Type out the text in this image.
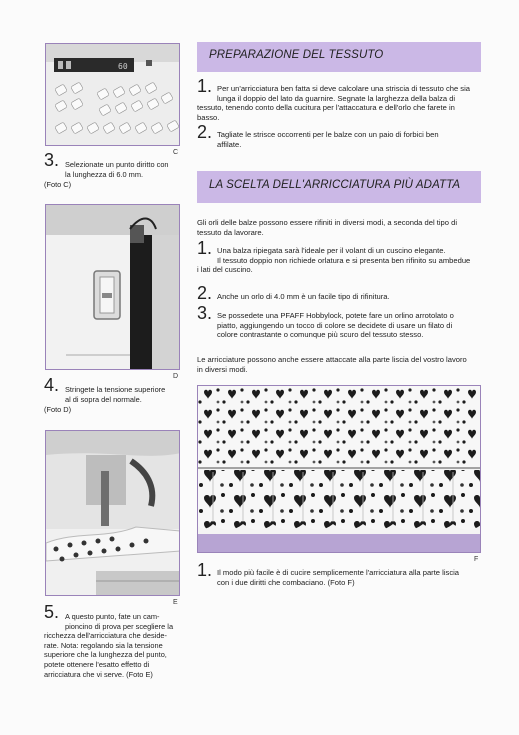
60
C
3. Selezionate un punto diritto con
la lunghezza di 6.0 mm.
(Foto C)
D
4. Stringete la tensione superiore
al di sopra del normale.
(Foto D)
E
5. A questo punto, fate un cam-
pioncino di prova per scegliere la
ricchezza dell'arricciatura che deside-
rate. Nota: regolando sia la tensione
superiore che la lunghezza del punto,
potete ottenere l'esatto effetto di
arricciatura che vi serve. (Foto E)
PREPARAZIONE DEL TESSUTO
1. Per un'arricciatura ben fatta si deve calcolare una striscia di tessuto che sia
lunga il doppio del lato da guarnire. Segnate la larghezza della balza di
tessuto, tenendo conto della cucitura per l'attaccatura e dell'orlo che farete in
basso.
2. Tagliate le strisce occorrenti per le balze con un paio di forbici ben
affilate.
LA SCELTA DELL'ARRICCIATURA PIÙ ADATTA
Gli orli delle balze possono essere rifiniti in diversi modi, a seconda del tipo di
tessuto da lavorare.
1. Una balza ripiegata sarà l'ideale per il volant di un cuscino elegante.
Il tessuto doppio non richiede orlatura e si presenta ben rifinito su ambedue
i lati del cuscino.
2. Anche un orlo di 4.0 mm è un facile tipo di rifinitura.
3. Se possedete una PFAFF Hobbylock, potete fare un orlino arrotolato o
piatto, aggiungendo un tocco di colore se decidete di usare un filato di
colore contrastante o comunque più scuro del tessuto stesso.
Le arricciature possono anche essere attaccate alla parte liscia del vostro lavoro
in diversi modi.
F
1. Il modo più facile è di cucire semplicemente l'arricciatura alla parte liscia
con i due diritti che combaciano. (Foto F)
